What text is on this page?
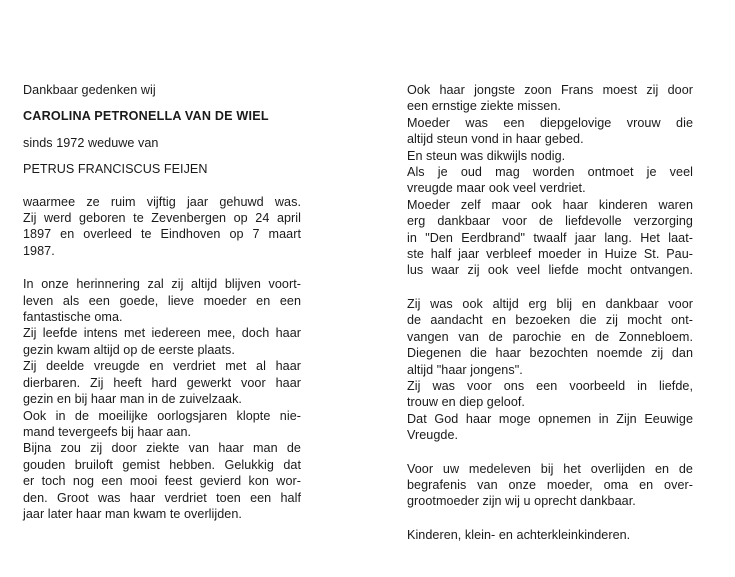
Dankbaar gedenken wij
CAROLINA PETRONELLA VAN DE WIEL
sinds 1972 weduwe van
PETRUS FRANCISCUS FEIJEN
waarmee ze ruim vijftig jaar gehuwd was.
Zij werd geboren te Zevenbergen op 24 april
1897 en overleed te Eindhoven op 7 maart
1987.
In onze herinnering zal zij altijd blijven voort-
leven als een goede, lieve moeder en een
fantastische oma.
Zij leefde intens met iedereen mee, doch haar
gezin kwam altijd op de eerste plaats.
Zij deelde vreugde en verdriet met al haar
dierbaren. Zij heeft hard gewerkt voor haar
gezin en bij haar man in de zuivelzaak.
Ook in de moeilijke oorlogsjaren klopte nie-
mand tevergeefs bij haar aan.
Bijna zou zij door ziekte van haar man de
gouden bruiloft gemist hebben. Gelukkig dat
er toch nog een mooi feest gevierd kon wor-
den. Groot was haar verdriet toen een half
jaar later haar man kwam te overlijden.
Ook haar jongste zoon Frans moest zij door
een ernstige ziekte missen.
Moeder was een diepgelovige vrouw die
altijd steun vond in haar gebed.
En steun was dikwijls nodig.
Als je oud mag worden ontmoet je veel
vreugde maar ook veel verdriet.
Moeder zelf maar ook haar kinderen waren
erg dankbaar voor de liefdevolle verzorging
in "Den Eerdbrand" twaalf jaar lang. Het laat-
ste half jaar verbleef moeder in Huize St. Pau-
lus waar zij ook veel liefde mocht ontvangen.
Zij was ook altijd erg blij en dankbaar voor
de aandacht en bezoeken die zij mocht ont-
vangen van de parochie en de Zonnebloem.
Diegenen die haar bezochten noemde zij dan
altijd "haar jongens".
Zij was voor ons een voorbeeld in liefde,
trouw en diep geloof.
Dat God haar moge opnemen in Zijn Eeuwige
Vreugde.
Voor uw medeleven bij het overlijden en de
begrafenis van onze moeder, oma en over-
grootmoeder zijn wij u oprecht dankbaar.
Kinderen, klein- en achterkleinkinderen.
